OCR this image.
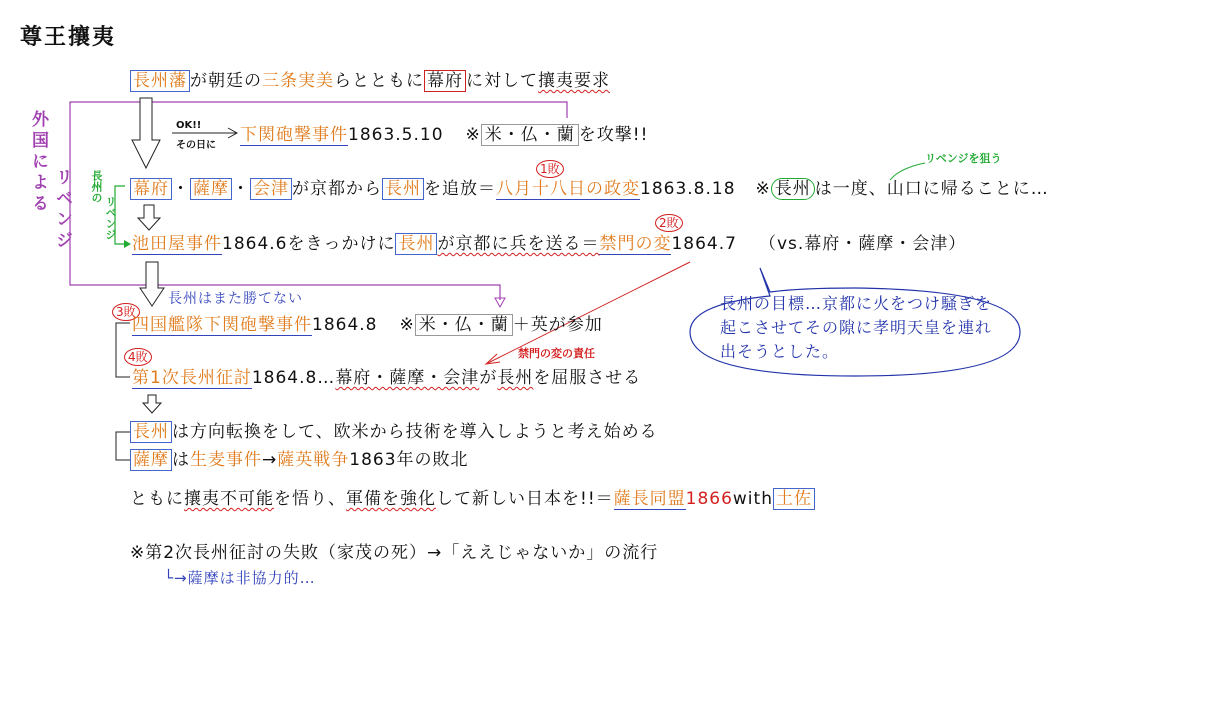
尊王攘夷
外国による リベンジ 長州の
リベンジ
長州藩 が朝廷の三条実美らとともに 幕府 に対して攘夷要求
OK!!
その日に
下関砲撃事件1863.5.10 ※ 米・仏・蘭 を攻撃!!
リベンジを狙う
1敗
幕府 ・ 薩摩 ・ 会津 が京都から 長州 を追放＝八月十八日の政変1863.8.18 ※ 長州 は一度、山口に帰ることに…
2敗
池田屋事件1864.6をきっかけに 長州 が京都に兵を送る＝禁門の変1864.7 （vs.幕府・薩摩・会津）
長州はまた勝てない
3敗
四国艦隊下関砲撃事件1864.8 ※ 米・仏・蘭 ＋英が参加
禁門の変の責任
4敗
第1次長州征討1864.8…幕府・薩摩・会津が長州を屈服させる
長州の目標…京都に火をつけ騒ぎを起こさせてその隙に孝明天皇を連れ出そうとした。
長州 は方向転換をして、欧米から技術を導入しようと考え始める
薩摩 は生麦事件→薩英戦争1863年の敗北
ともに攘夷不可能を悟り、軍備を強化して新しい日本を!!＝薩長同盟1866with 土佐
※第2次長州征討の失敗（家茂の死）→「ええじゃないか」の流行
└→薩摩は非協力的…
